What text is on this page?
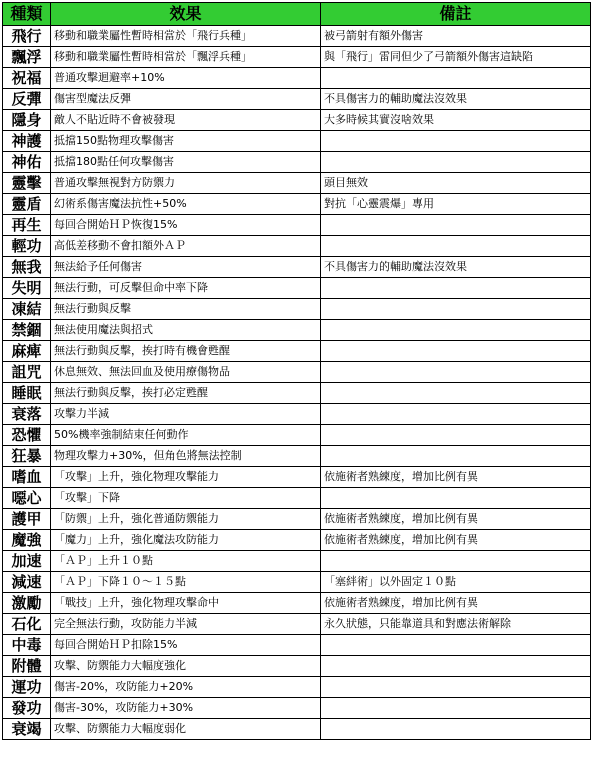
種類	效果	備註
飛行	移動和職業屬性暫時相當於「飛行兵種」	被弓箭射有額外傷害
飄浮	移動和職業屬性暫時相當於「飄浮兵種」	與「飛行」雷同但少了弓箭額外傷害這缺陷
祝福	普通攻擊迴避率+10%	
反彈	傷害型魔法反彈	不具傷害力的輔助魔法沒效果
隱身	敵人不貼近時不會被發現	大多時候其實沒啥效果
神護	抵擋150點物理攻擊傷害	
神佑	抵擋180點任何攻擊傷害	
靈擊	普通攻擊無視對方防禦力	頭目無效
靈盾	幻術系傷害魔法抗性+50%	對抗「心靈震爆」專用
再生	每回合開始ＨＰ恢復15%	
輕功	高低差移動不會扣額外ＡＰ	
無我	無法給予任何傷害	不具傷害力的輔助魔法沒效果
失明	無法行動，可反擊但命中率下降	
凍結	無法行動與反擊	
禁錮	無法使用魔法與招式	
麻痺	無法行動與反擊，挨打時有機會甦醒	
詛咒	休息無效、無法回血及使用療傷物品	
睡眠	無法行動與反擊，挨打必定甦醒	
衰落	攻擊力半減	
恐懼	50%機率強制結束任何動作	
狂暴	物理攻擊力+30%，但角色將無法控制	
嗜血	「攻擊」上升，強化物理攻擊能力	依施術者熟練度，增加比例有異
噁心	「攻擊」下降	
護甲	「防禦」上升，強化普通防禦能力	依施術者熟練度，增加比例有異
魔強	「魔力」上升，強化魔法攻防能力	依施術者熟練度，增加比例有異
加速	「ＡＰ」上升１０點	
減速	「ＡＰ」下降１０～１５點	「塞絆術」以外固定１０點
激勵	「戰技」上升，強化物理攻擊命中	依施術者熟練度，增加比例有異
石化	完全無法行動，攻防能力半減	永久狀態，只能靠道具和對應法術解除
中毒	每回合開始ＨＰ扣除15%	
附體	攻擊、防禦能力大幅度強化	
運功	傷害-20%，攻防能力+20%	
發功	傷害-30%，攻防能力+30%	
衰竭	攻擊、防禦能力大幅度弱化	
